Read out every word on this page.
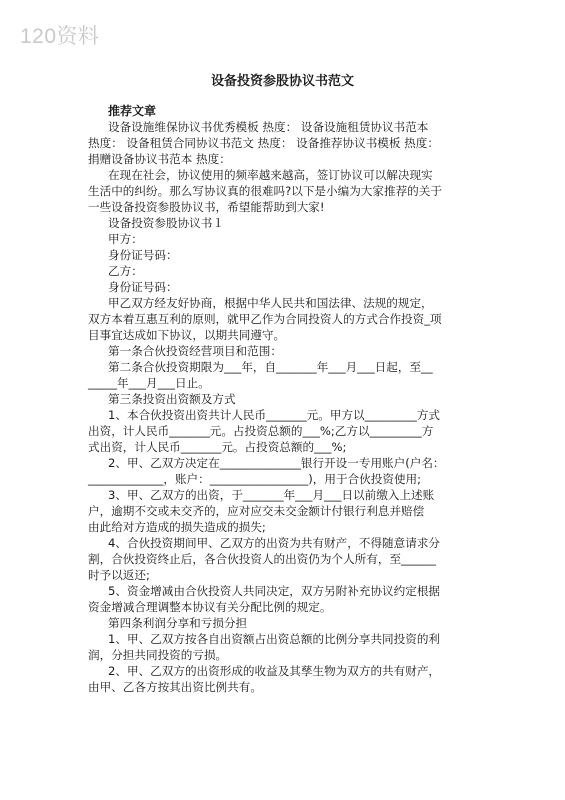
120资料
设备投资参股协议书范文
推荐文章
设备设施维保协议书优秀模板 热度： 设备设施租赁协议书范本
热度： 设备租赁合同协议书范文 热度： 设备推荐协议书模板 热度：
捐赠设备协议书范本 热度：
在现在社会，协议使用的频率越来越高，签订协议可以解决现实
生活中的纠纷。那么写协议真的很难吗?以下是小编为大家推荐的关于
一些设备投资参股协议书，希望能帮助到大家!
设备投资参股协议书１
甲方：
身份证号码：
乙方：
身份证号码：
甲乙双方经友好协商，根据中华人民共和国法律、法规的规定，
双方本着互惠互利的原则，就甲乙作为合同投资人的方式合作投资_项
目事宜达成如下协议，以期共同遵守。
第一条合伙投资经营项目和范围：
第二条合伙投资期限为___年，自_______年___月___日起，至__
_____年___月___日止。
第三条投资出资额及方式
1、本合伙投资出资共计人民币_______元。甲方以_________方式
出资，计人民币_______元。占投资总额的___%;乙方以_________方
式出资，计人民币_______元。占投资总额的___%;
2、甲、乙双方决定在______________银行开设一专用账户(户名：
_____________，账户：_________________)，用于合伙投资使用;
3、甲、乙双方的出资，于_______年___月___日以前缴入上述账
户，逾期不交或未交齐的，应对应交未交金额计付银行利息并赔偿
由此给对方造成的损失造成的损失;
4、合伙投资期间甲、乙双方的出资为共有财产，不得随意请求分
割，合伙投资终止后，各合伙投资人的出资仍为个人所有，至______
时予以返还;
5、资金增减由合伙投资人共同决定，双方另附补充协议约定根据
资金增减合理调整本协议有关分配比例的规定。
第四条利润分享和亏损分担
1、甲、乙双方按各自出资额占出资总额的比例分享共同投资的利
润，分担共同投资的亏损。
2、甲、乙双方的出资形成的收益及其孳生物为双方的共有财产，
由甲、乙各方按其出资比例共有。
